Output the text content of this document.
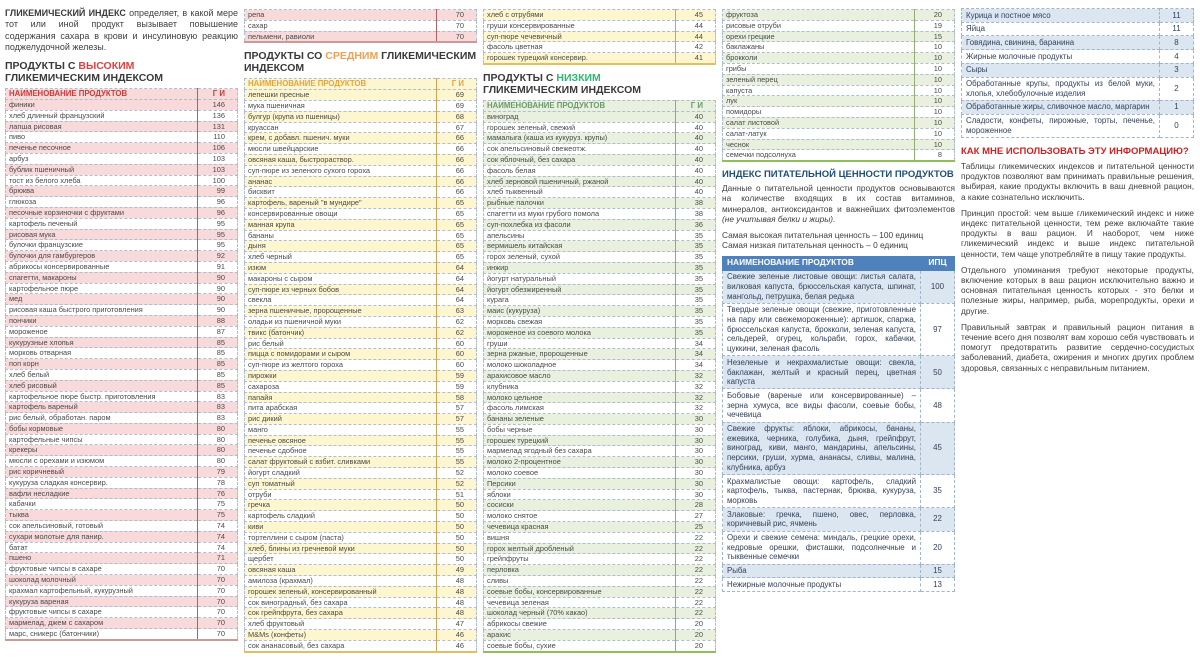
ГЛИКЕМИЧЕСКИЙ ИНДЕКС определяет, в какой мере тот или иной продукт вызывает повышение содержания сахара в крови и инсулиновую реакцию поджелудочной железы.

ПРОДУКТЫ С ВЫСОКИМ
ГЛИКЕМИЧЕСКИМ ИНДЕКСОМ
НАИМЕНОВАНИЕ ПРОДУКТОВ	Г И
финики	146
хлеб длинный французский	136
лапша рисовая	131
пиво	110
печенье песочное	106
арбуз	103
бублик пшеничный	103
тост из белого хлеба	100
брюква	99
глюкоза	96
песочные корзиночки с фруктами	96
картофель печеный	95
рисовая мука	95
булочки французские	95
булочки для гамбургеров	92
абрикосы консервированные	91
спагетти, макароны	90
картофельное пюре	90
мед	90
рисовая каша быстрого приготовления	90
пончики	88
мороженое	87
кукурузные хлопья	85
морковь отварная	85
поп корн	85
хлеб белый	85
хлеб рисовый	85
картофельное пюре быстр. приготовления	83
картофель вареный	83
рис белый, обработан. паром	83
бобы кормовые	80
картофельные чипсы	80
крекеры	80
мюсли с орехами и изюмом	80
рис коричневый	79
кукуруза сладкая консервир.	78
вафли несладкие	76
кабачки	75
тыква	75
сок апельсиновый, готовый	74
сухари молотые для панир.	74
батат	74
пшено	71
фруктовые чипсы в сахаре	70
шоколад молочный	70
крахмал картофельный, кукурузный	70
кукуруза вареная	70
фруктовые чипсы в сахаре	70
мармелад, джем с сахаром	70
марс, сникерс (батончики)	70
репа	70
сахар	70
пельмени, равиоли	70
ПРОДУКТЫ СО СРЕДНИМ ГЛИКЕМИЧЕСКИМ ИНДЕКСОМ
НАИМЕНОВАНИЕ ПРОДУКТОВ	Г И
лепешки пресные	69
мука пшеничная	69
булгур (крупа из пшеницы)	68
круассан	67
крем, с добавл. пшенич. муки	66
мюсли швейцарские	66
овсяная каша, быстрораствор.	66
суп-пюре из зеленого сухого гороха	66
ананас	66
бисквит	66
картофель, вареный "в мундире"	65
консервированные овощи	65
манная крупа	65
бананы	65
дыня	65
хлеб черный	65
изюм	64
макароны с сыром	64
суп-пюре из черных бобов	64
свекла	64
зерна пшеничные, пророщенные	63
оладьи из пшеничной муки	62
твикс (батончик)	62
рис белый	60
пицца с помидорами и сыром	60
суп-пюре из желтого гороха	60
пирожки	59
сахароза	59
папайя	58
пита арабская	57
рис дикий	57
манго	55
печенье овсяное	55
печенье сдобное	55
салат фруктовый с взбит. сливками	55
йогурт сладкий	52
суп томатный	52
отруби	51
гречка	50
картофель сладкий	50
киви	50
тортеллини с сыром (паста)	50
хлеб, блины из гречневой муки	50
щербет	50
овсяная каша	49
амилоза (крахмал)	48
горошек зеленый, консервированный	48
сок виноградный, без сахара	48
сок грейпфрута, без сахара	48
хлеб фруктовый	47
M&Ms (конфеты)	46
сок ананасовый, без сахара	46
хлеб с отрубями	45
груши консервированные	44
суп-пюре чечевичный	44
фасоль цветная	42
горошек турецкий консервир.	41
ПРОДУКТЫ С НИЗКИМ
ГЛИКЕМИЧЕСКИМ ИНДЕКСОМ
НАИМЕНОВАНИЕ ПРОДУКТОВ	Г И
виноград	40
горошек зеленый, свежий	40
мамалыга (каша из кукуруз. крупы)	40
сок апельсиновый свежеотж.	40
сок яблочный, без сахара	40
фасоль белая	40
хлеб зерновой пшеничный, ржаной	40
хлеб тыквенный	40
рыбные палочки	38
спагетти из муки грубого помола	38
суп-похлебка из фасоли	36
апельсины	35
вермишель китайская	35
горох зеленый, сухой	35
инжир	35
йогурт натуральный	35
йогурт обезжиренный	35
курага	35
маис (кукуруза)	35
морковь свежая	35
мороженое из соевого молока	35
груши	34
зерна ржаные, пророщенные	34
молоко шоколадное	34
арахисовое масло	32
клубника	32
молоко цельное	32
фасоль лимская	32
бананы зеленые	30
бобы черные	30
горошек турецкий	30
мармелад ягодный без сахара	30
молоко 2-процентное	30
молоко соевое	30
Персики	30
яблоки	30
сосиски	28
молоко снятое	27
чечевица красная	25
вишня	22
горох желтый дробленый	22
грейпфруты	22
перловка	22
сливы	22
соевые бобы, консервированные	22
чечевица зеленая	22
шоколад черный (70% какао)	22
абрикосы свежие	20
арахис	20
соевые бобы, сухие	20
фруктоза	20
рисовые отруби	19
орехи грецкие	15
баклажаны	10
брокколи	10
грибы	10
зеленый перец	10
капуста	10
лук	10
помидоры	10
салат листовой	10
салат-латук	10
чеснок	10
семечки подсолнуха	8
ИНДЕКС ПИТАТЕЛЬНОЙ ЦЕННОСТИ ПРОДУКТОВ

Данные о питательной ценности продуктов основываются на количестве входящих в их состав витаминов, минералов, антиоксидантов и важнейших фитоэлементов (не учитывая белки и жиры).

Самая высокая питательная ценность – 100 единиц
Самая низкая питательная ценность – 0 единиц
НАИМЕНОВАНИЕ ПРОДУКТОВ	ИПЦ
Свежие зеленые листовые овощи: листья салата, вилковая капуста, брюссельская капуста, шпинат, мангольд, петрушка, белая редька	100
Твердые зеленые овощи (свежие, приготовленные на пару или свежемороженные): артишок, спаржа, брюссельская капуста, брокколи, зеленая капуста, сельдерей, огурец, кольраби, горох, кабачки, цуккини, зеленая фасоль	97
Незеленые и некрахмалистые овощи: свекла, баклажан, желтый и красный перец, цветная капуста	50
Бобовые (вареные или консервированные) – зерна хумуса, все виды фасоли, соевые бобы, чечевица	48
Свежие фрукты: яблоки, абрикосы, бананы, ежевика, черника, голубика, дыня, грейпфрут, виноград, киви, манго, мандарины, апельсины, персики, груши, хурма, ананасы, сливы, малина, клубника, арбуз	45
Крахмалистые овощи: картофель, сладкий картофель, тыква, пастернак, брюква, кукуруза, морковь	35
Злаковые: гречка, пшено, овес, перловка, коричневый рис, ячмень	22
Орехи и свежие семена: миндаль, грецкие орехи, кедровые орешки, фисташки, подсолнечные и тыквенные семечки	20
Рыба	15
Нежирные молочные продукты	13
Курица и постное мясо	11
Яйца	11
Говядина, свинина, баранина	8
Жирные молочные продукты	4
Сыры	3
Обработанные крупы, продукты из белой муки, хлопья, хлебобулочные изделия	2
Обработанные жиры, сливочное масло, маргарин	1
Сладости, конфеты, пирожные, торты, печенье, мороженное	0
КАК МНЕ ИСПОЛЬЗОВАТЬ ЭТУ ИНФОРМАЦИЮ?

Таблицы гликемических индексов и питательной ценности продуктов позволяют вам принимать правильные решения, выбирая, какие продукты включить в ваш дневной рацион, а какие сознательно исключить.

Принцип простой: чем выше гликемический индекс и ниже индекс питательной ценности, тем реже включайте такие продукты в ваш рацион. И наоборот, чем ниже гликемический индекс и выше индекс питательной ценности, тем чаще употребляйте в пищу такие продукты.

Отдельного упоминания требуют некоторые продукты, включение которых в ваш рацион исключительно важно и основная питательная ценность которых - это белки и полезные жиры, например, рыба, морепродукты, орехи и другие.

Правильный завтрак и правильный рацион питания в течение всего дня позволят вам хорошо себя чувствовать и помогут предотвратить развитие сердечно-сосудистых заболеваний, диабета, ожирения и многих других проблем здоровья, связанных с неправильным питанием.
